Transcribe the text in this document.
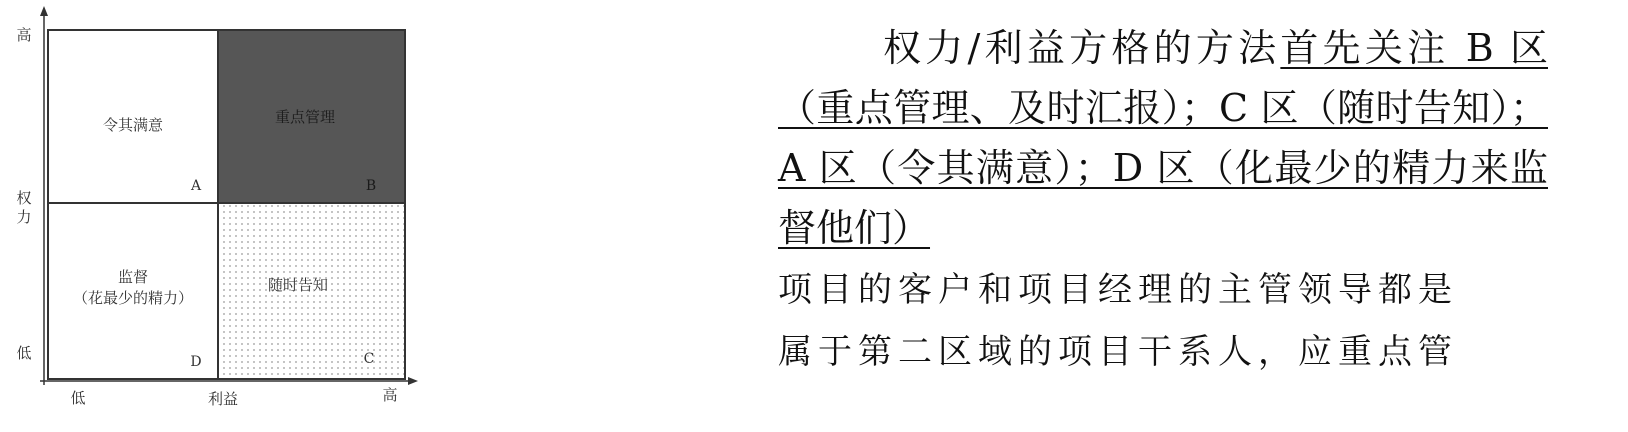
高
权
力
低
低	利益	高
令其满意
A
重点管理
B
监督
（花最少的精力）
D
随时告知
C

权力/利益方格的方法首先关注 B 区（重点管理、及时汇报）；C 区（随时告知）；A 区（令其满意）；D 区（化最少的精力来监督他们）

项目的客户和项目经理的主管领导都是
属于第二区域的项目干系人，应重点管
